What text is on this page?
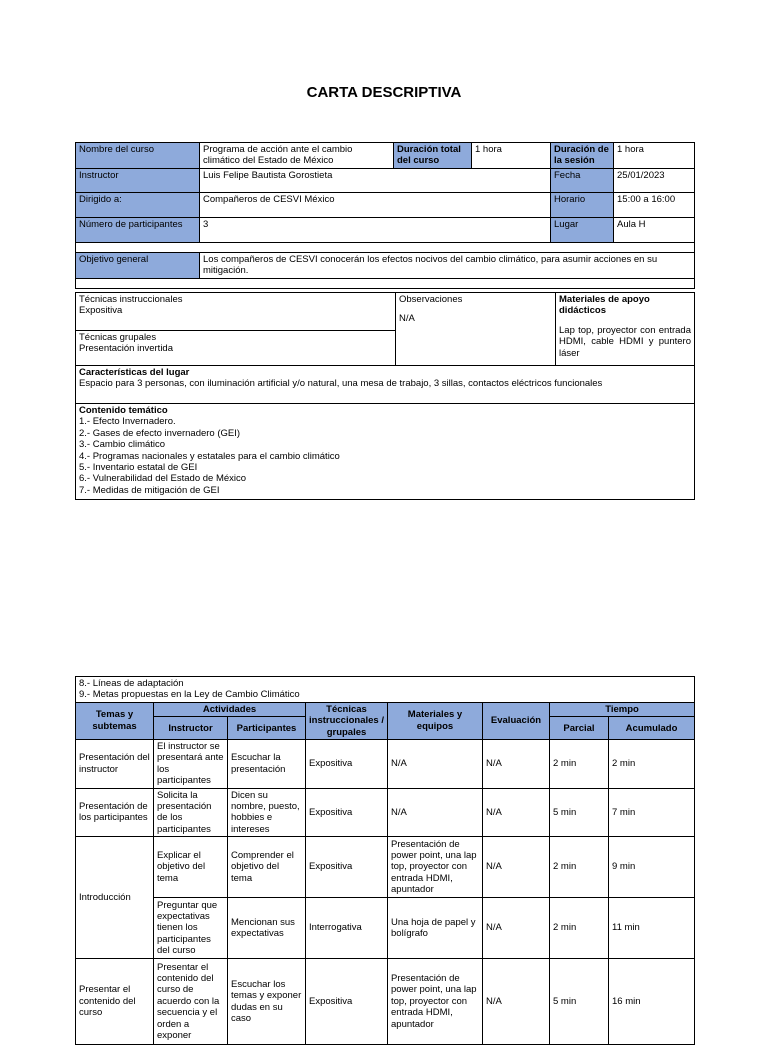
CARTA DESCRIPTIVA
Nombre del curso	Programa de acción ante el cambio climático del Estado de México	Duración total del curso	1 hora	Duración de la sesión	1 hora
Instructor	Luis Felipe Bautista Gorostieta			Fecha	25/01/2023
Dirigido a:	Compañeros de CESVI México			Horario	15:00 a 16:00
Número de participantes	3			Lugar	Aula H

Objetivo general	Los compañeros de CESVI conocerán los efectos nocivos del cambio climático, para asumir acciones en su mitigación.				

Técnicas instruccionales
Expositiva

Observaciones
N/A

Materiales de apoyo didácticos
Lap top, proyector con entrada HDMI, cable HDMI y puntero láser

Técnicas grupales
Presentación invertida

Características del lugar
Espacio para 3 personas, con iluminación artificial y/o natural, una mesa de trabajo, 3 sillas, contactos eléctricos funcionales

Contenido temático
1.- Efecto Invernadero.
2.- Gases de efecto invernadero (GEI)
3.- Cambio climático
4.- Programas nacionales y estatales para el cambio climático
5.- Inventario estatal de GEI
6.- Vulnerabilidad del Estado de México
7.- Medidas de mitigación de GEI
8.- Líneas de adaptación
9.- Metas propuestas en la Ley de Cambio Climático							

Temas y subtemas	Actividades		Técnicas instruccionales / grupales	Materiales y equipos	Evaluación	Tiempo	
	Instructor	Participantes				Parcial	Acumulado
Presentación del instructor	El instructor se presentará ante los participantes	Escuchar la presentación	Expositiva	N/A	N/A	2 min	2 min
Presentación de los participantes	Solicita la presentación de los participantes	Dicen su nombre, puesto, hobbies e intereses	Expositiva	N/A	N/A	5 min	7 min
Introducción	Explicar el objetivo del tema	Comprender el objetivo del tema	Expositiva	Presentación de power point, una lap top, proyector con entrada HDMI, apuntador	N/A	2 min	9 min
	Preguntar que expectativas tienen los participantes del curso	Mencionan sus expectativas	Interrogativa	Una hoja de papel y bolígrafo	N/A	2 min	11 min
Presentar el contenido del curso	Presentar el contenido del curso de acuerdo con la secuencia y el orden a exponer	Escuchar los temas y exponer dudas en su caso	Expositiva	Presentación de power point, una lap top, proyector con entrada HDMI, apuntador	N/A	5 min	16 min
